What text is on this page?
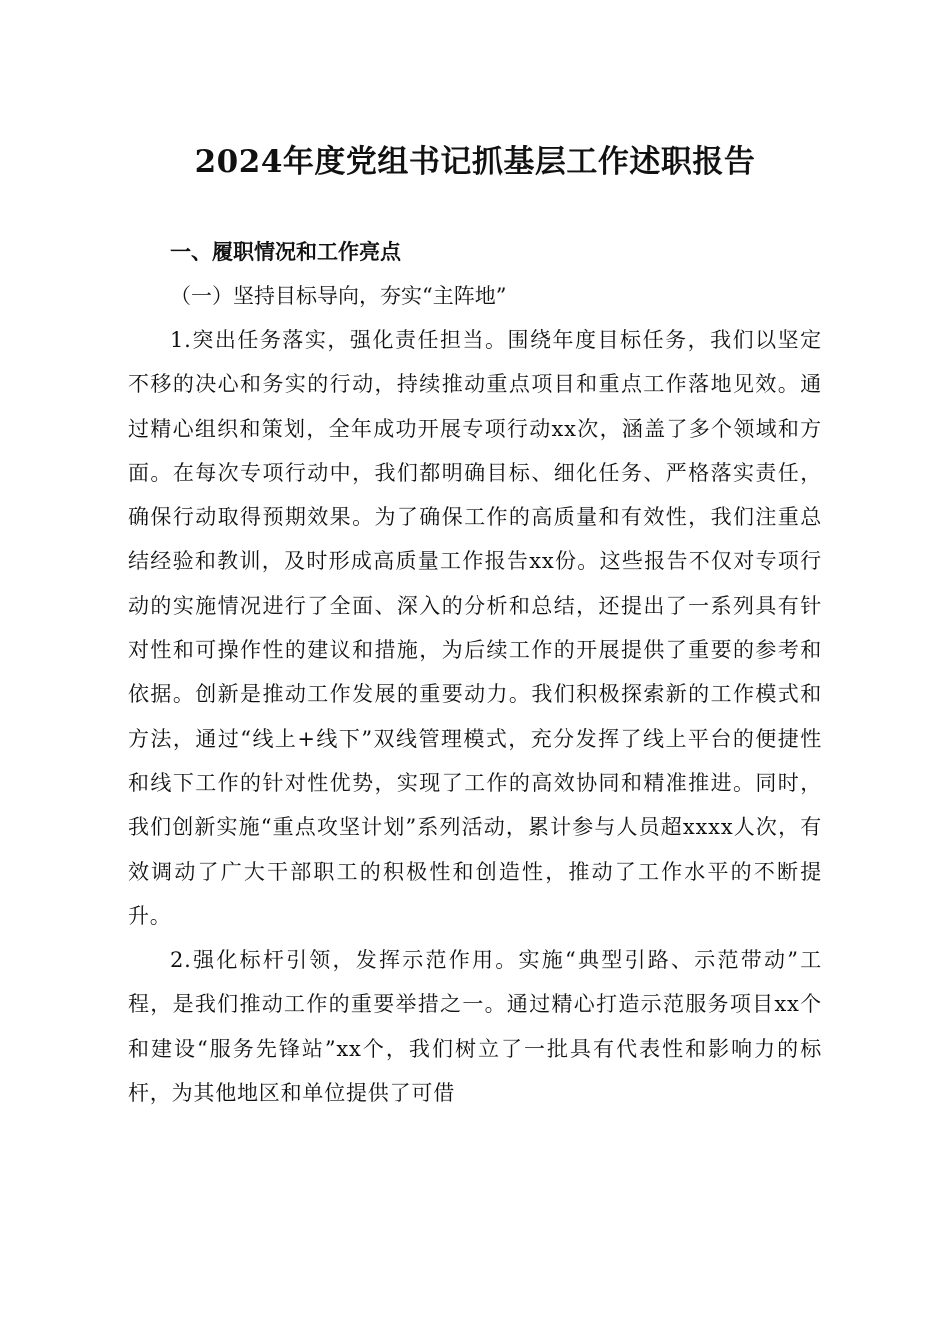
2024年度党组书记抓基层工作述职报告

一、履职情况和工作亮点

（一）坚持目标导向，夯实“主阵地”

1.突出任务落实，强化责任担当。围绕年度目标任务，我们以坚定不移的决心和务实的行动，持续推动重点项目和重点工作落地见效。通过精心组织和策划，全年成功开展专项行动xx次，涵盖了多个领域和方面。在每次专项行动中，我们都明确目标、细化任务、严格落实责任，确保行动取得预期效果。为了确保工作的高质量和有效性，我们注重总结经验和教训，及时形成高质量工作报告xx份。这些报告不仅对专项行动的实施情况进行了全面、深入的分析和总结，还提出了一系列具有针对性和可操作性的建议和措施，为后续工作的开展提供了重要的参考和依据。创新是推动工作发展的重要动力。我们积极探索新的工作模式和方法，通过“线上+线下”双线管理模式，充分发挥了线上平台的便捷性和线下工作的针对性优势，实现了工作的高效协同和精准推进。同时，我们创新实施“重点攻坚计划”系列活动，累计参与人员超xxxx人次，有效调动了广大干部职工的积极性和创造性，推动了工作水平的不断提升。

2.强化标杆引领，发挥示范作用。实施“典型引路、示范带动”工程，是我们推动工作的重要举措之一。通过精心打造示范服务项目xx个和建设“服务先锋站”xx个，我们树立了一批具有代表性和影响力的标杆，为其他地区和单位提供了可借
